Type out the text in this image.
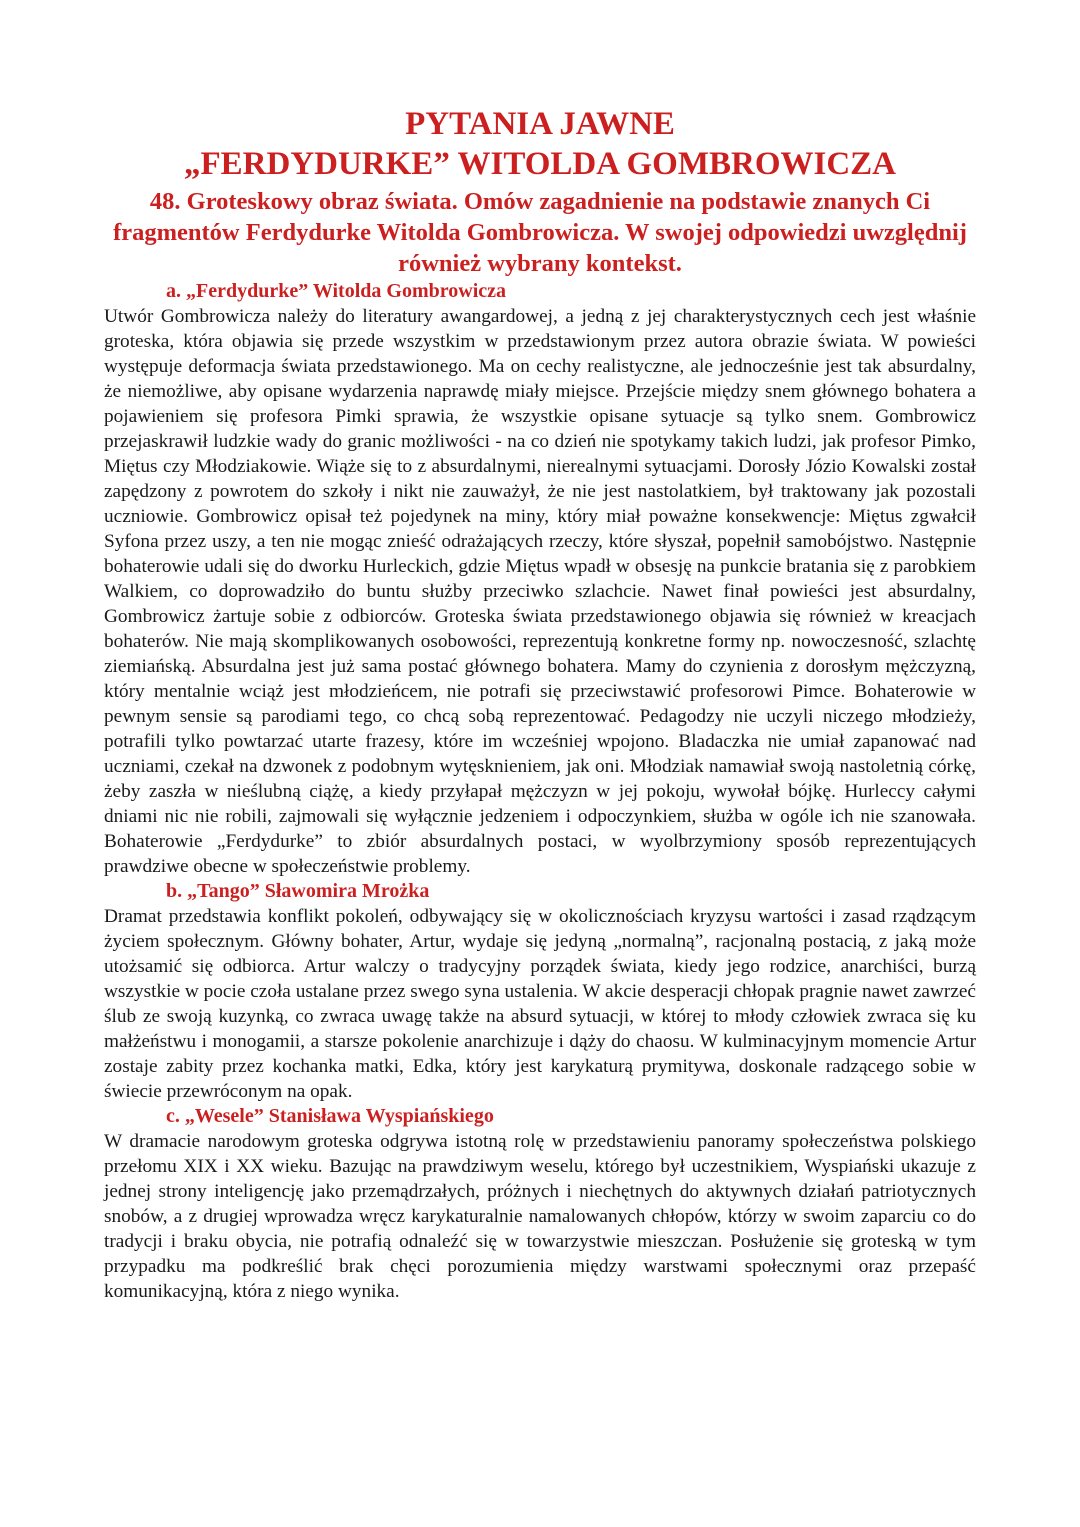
PYTANIA JAWNE
„FERDYDURKE” WITOLDA GOMBROWICZA
48. Groteskowy obraz świata. Omów zagadnienie na podstawie znanych Ci fragmentów Ferdydurke Witolda Gombrowicza. W swojej odpowiedzi uwzględnij również wybrany kontekst.
a. „Ferdydurke” Witolda Gombrowicza

Utwór Gombrowicza należy do literatury awangardowej, a jedną z jej charakterystycznych cech jest właśnie groteska, która objawia się przede wszystkim w przedstawionym przez autora obrazie świata. W powieści występuje deformacja świata przedstawionego. Ma on cechy realistyczne, ale jednocześnie jest tak absurdalny, że niemożliwe, aby opisane wydarzenia naprawdę miały miejsce. Przejście między snem głównego bohatera a pojawieniem się profesora Pimki sprawia, że wszystkie opisane sytuacje są tylko snem. Gombrowicz przejaskrawił ludzkie wady do granic możliwości - na co dzień nie spotykamy takich ludzi, jak profesor Pimko, Miętus czy Młodziakowie. Wiąże się to z absurdalnymi, nierealnymi sytuacjami. Dorosły Józio Kowalski został zapędzony z powrotem do szkoły i nikt nie zauważył, że nie jest nastolatkiem, był traktowany jak pozostali uczniowie. Gombrowicz opisał też pojedynek na miny, który miał poważne konsekwencje: Miętus zgwałcił Syfona przez uszy, a ten nie mogąc znieść odrażających rzeczy, które słyszał, popełnił samobójstwo. Następnie bohaterowie udali się do dworku Hurleckich, gdzie Miętus wpadł w obsesję na punkcie bratania się z parobkiem Walkiem, co doprowadziło do buntu służby przeciwko szlachcie. Nawet finał powieści jest absurdalny, Gombrowicz żartuje sobie z odbiorców. Groteska świata przedstawionego objawia się również w kreacjach bohaterów. Nie mają skomplikowanych osobowości, reprezentują konkretne formy np. nowoczesność, szlachtę ziemiańską. Absurdalna jest już sama postać głównego bohatera. Mamy do czynienia z dorosłym mężczyzną, który mentalnie wciąż jest młodzieńcem, nie potrafi się przeciwstawić profesorowi Pimce. Bohaterowie w pewnym sensie są parodiami tego, co chcą sobą reprezentować. Pedagodzy nie uczyli niczego młodzieży, potrafili tylko powtarzać utarte frazesy, które im wcześniej wpojono. Bladaczka nie umiał zapanować nad uczniami, czekał na dzwonek z podobnym wytęsknieniem, jak oni. Młodziak namawiał swoją nastoletnią córkę, żeby zaszła w nieślubną ciążę, a kiedy przyłapał mężczyzn w jej pokoju, wywołał bójkę. Hurleccy całymi dniami nic nie robili, zajmowali się wyłącznie jedzeniem i odpoczynkiem, służba w ogóle ich nie szanowała. Bohaterowie „Ferdydurke” to zbiór absurdalnych postaci, w wyolbrzymiony sposób reprezentujących prawdziwe obecne w społeczeństwie problemy.

b. „Tango” Sławomira Mrożka

Dramat przedstawia konflikt pokoleń, odbywający się w okolicznościach kryzysu wartości i zasad rządzącym życiem społecznym. Główny bohater, Artur, wydaje się jedyną „normalną”, racjonalną postacią, z jaką może utożsamić się odbiorca. Artur walczy o tradycyjny porządek świata, kiedy jego rodzice, anarchiści, burzą wszystkie w pocie czoła ustalane przez swego syna ustalenia. W akcie desperacji chłopak pragnie nawet zawrzeć ślub ze swoją kuzynką, co zwraca uwagę także na absurd sytuacji, w której to młody człowiek zwraca się ku małżeństwu i monogamii, a starsze pokolenie anarchizuje i dąży do chaosu. W kulminacyjnym momencie Artur zostaje zabity przez kochanka matki, Edka, który jest karykaturą prymitywa, doskonale radzącego sobie w świecie przewróconym na opak.

c. „Wesele” Stanisława Wyspiańskiego

W dramacie narodowym groteska odgrywa istotną rolę w przedstawieniu panoramy społeczeństwa polskiego przełomu XIX i XX wieku. Bazując na prawdziwym weselu, którego był uczestnikiem, Wyspiański ukazuje z jednej strony inteligencję jako przemądrzałych, próżnych i niechętnych do aktywnych działań patriotycznych snobów, a z drugiej wprowadza wręcz karykaturalnie namalowanych chłopów, którzy w swoim zaparciu co do tradycji i braku obycia, nie potrafią odnaleźć się w towarzystwie mieszczan. Posłużenie się groteską w tym przypadku ma podkreślić brak chęci porozumienia między warstwami społecznymi oraz przepaść komunikacyjną, która z niego wynika.
